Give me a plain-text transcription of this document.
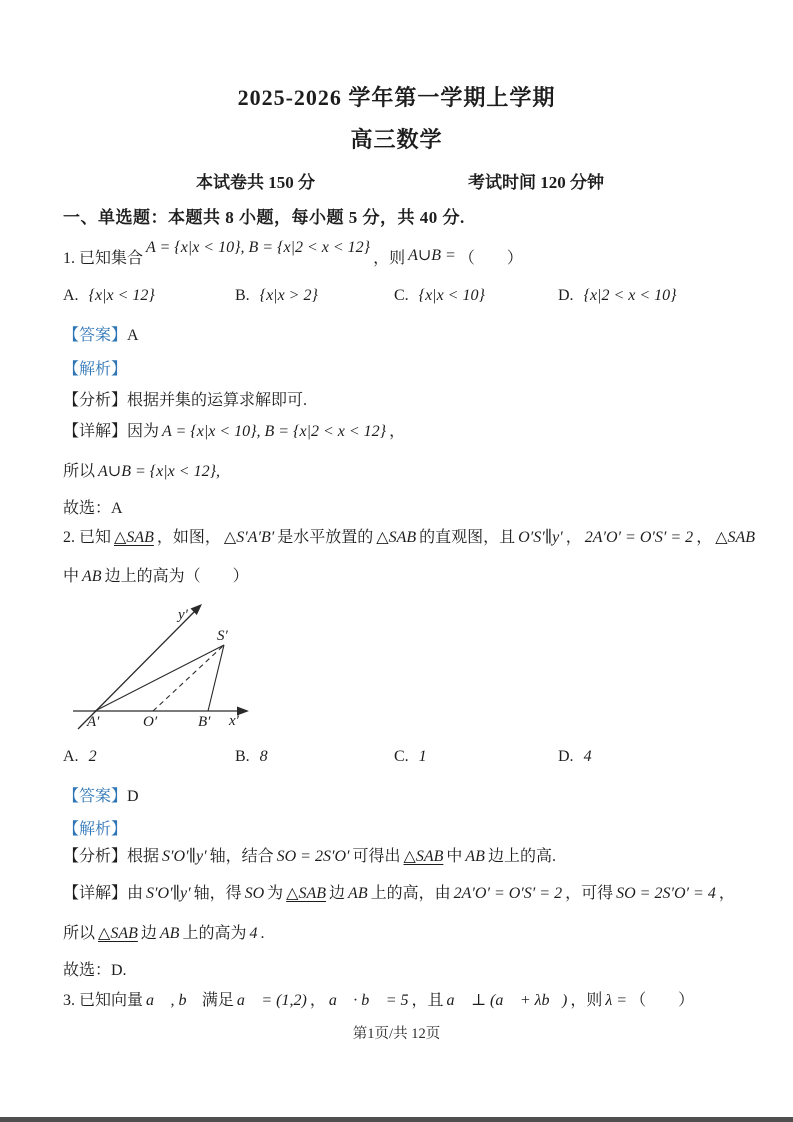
2025-2026 学年第一学期上学期
高三数学
本试卷共 150 分	考试时间 120 分钟
一、单选题：本题共 8 小题，每小题 5 分，共 40 分.
1. 已知集合A = {x|x < 10}, B = {x|2 < x < 12}，则 A∪B = （　　）
A. {x|x < 12}	B. {x|x > 2}	C. {x|x < 10}	D. {x|2 < x < 10}
【答案】A
【解析】
【分析】根据并集的运算求解即可.
【详解】因为 A = {x|x < 10}, B = {x|2 < x < 12} ，
所以 A∪B = {x|x < 12},
故选：A
2. 已知 △SAB ，如图， △S′A′B′ 是水平放置的 △SAB 的直观图，且 O′S′∥y′ ， 2A′O′ = O′S′ = 2 ， △SAB
中 AB 边上的高为（　　）
y′
x′
A′	O′	B′
S′
A. 2	B. 8	C. 1	D. 4
【答案】D
【解析】
【分析】根据 S′O′∥y′ 轴，结合 SO = 2S′O′ 可得出 △SAB 中 AB 边上的高.
【详解】由 S′O′∥y′ 轴，得 SO 为 △SAB 边 AB 上的高，由 2A′O′ = O′S′ = 2 ，可得 SO = 2S′O′ = 4 ，
所以 △SAB 边 AB 上的高为 4 .
故选：D.
3. 已知向量 a⃗ , b⃗ 满足 a⃗ = (1,2) ， a⃗ · b⃗ = 5 ，且 a⃗ ⊥ (a⃗ + λb⃗) ，则 λ = （　　）
第1页/共 12页
